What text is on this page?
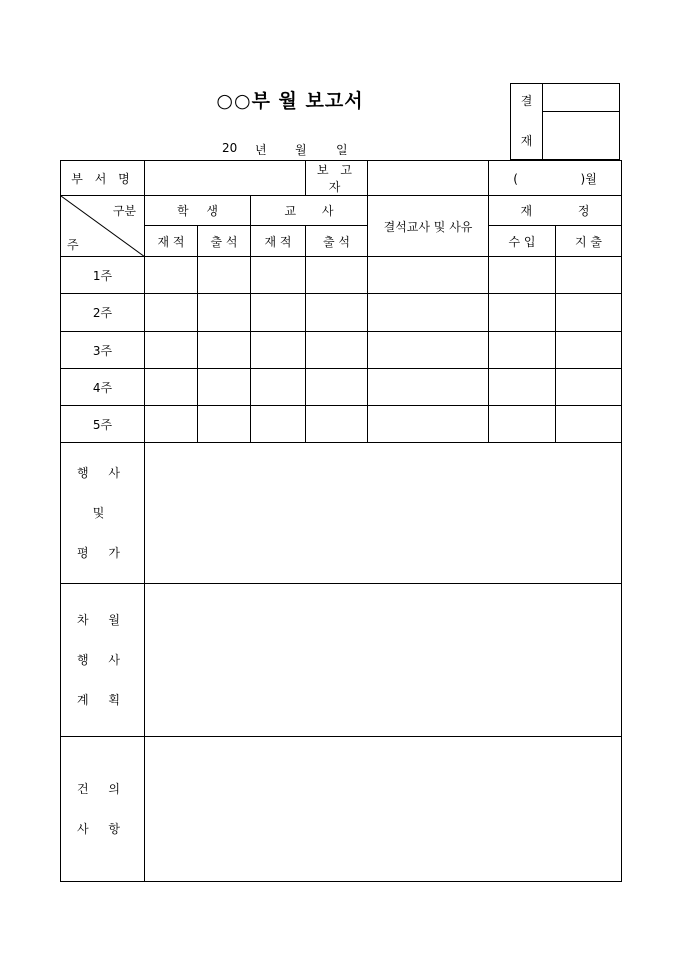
○○부 월 보고서
20 년 월 일
결
재
부 서 명				보 고 자		( )월	

구분
주	학 생		교 사		결석교사 및 사유	재 정	
	재 적	출 석	재 적	출 석		수 입	지 출
1주							
2주							
3주							
4주							
5주							

행 사
및
평 가							

차 월
행 사
계 획							

건 의
사 항							
